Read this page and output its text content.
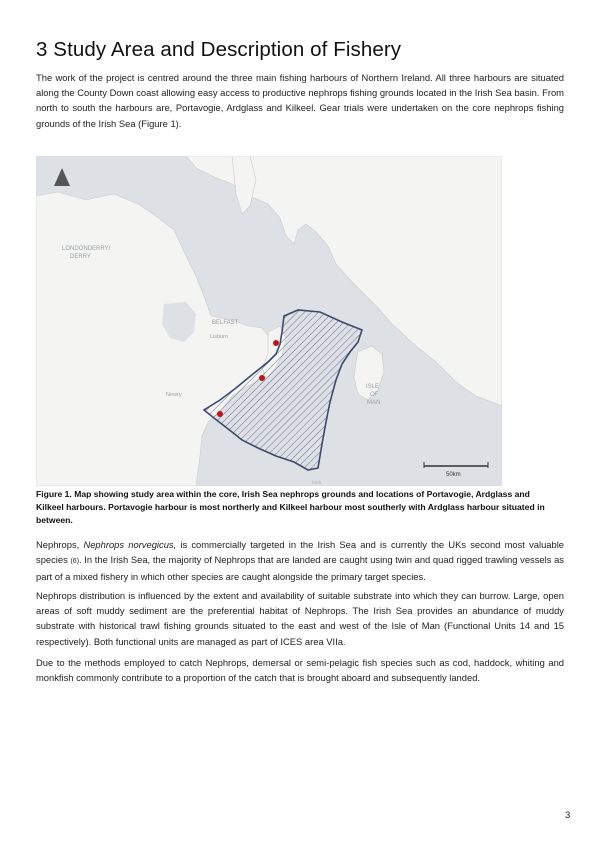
3 Study Area and Description of Fishery

The work of the project is centred around the three main fishing harbours of Northern Ireland. All three harbours are situated along the County Down coast allowing easy access to productive nephrops fishing grounds located in the Irish Sea basin. From north to south the harbours are, Portavogie, Ardglass and Kilkeel. Gear trials were undertaken on the core nephrops fishing grounds of the Irish Sea (Figure 1).

LONDONDERRY/
DERRY
BELFAST
Lisburn
Newry
ISLE
OF
MAN
50km
Irish

Figure 1. Map showing study area within the core, Irish Sea nephrops grounds and locations of Portavogie, Ardglass and Kilkeel harbours. Portavogie harbour is most northerly and Kilkeel harbour most southerly with Ardglass harbour situated in between.

Nephrops, Nephrops norvegicus, is commercially targeted in the Irish Sea and is currently the UKs second most valuable species (6). In the Irish Sea, the majority of Nephrops that are landed are caught using twin and quad rigged trawling vessels as part of a mixed fishery in which other species are caught alongside the primary target species.

Nephrops distribution is influenced by the extent and availability of suitable substrate into which they can burrow. Large, open areas of soft muddy sediment are the preferential habitat of Nephrops. The Irish Sea provides an abundance of muddy substrate with historical trawl fishing grounds situated to the east and west of the Isle of Man (Functional Units 14 and 15 respectively). Both functional units are managed as part of ICES area VIIa.

Due to the methods employed to catch Nephrops, demersal or semi-pelagic fish species such as cod, haddock, whiting and monkfish commonly contribute to a proportion of the catch that is brought aboard and subsequently landed.

3
